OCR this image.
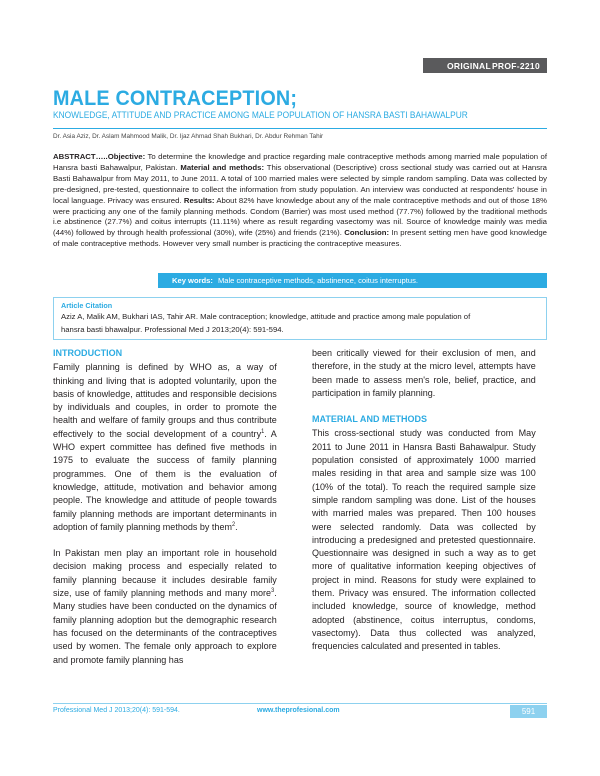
ORIGINAL PROF-2210
MALE CONTRACEPTION;
KNOWLEDGE, ATTITUDE AND PRACTICE AMONG MALE POPULATION OF HANSRA BASTI BAHAWALPUR
Dr. Asia Aziz, Dr. Aslam Mahmood Malik, Dr. Ijaz Ahmad Shah Bukhari, Dr. Abdur Rehman Tahir
ABSTRACT…..Objective: To determine the knowledge and practice regarding male contraceptive methods among married male population of Hansra basti Bahawalpur, Pakistan. Material and methods: This observational (Descriptive) cross sectional study was carried out at Hansra Basti Bahawalpur from May 2011, to June 2011. A total of 100 married males were selected by simple random sampling. Data was collected by pre-designed, pre-tested, questionnaire to collect the information from study population. An interview was conducted at respondents' house in local language. Privacy was ensured. Results: About 82% have knowledge about any of the male contraceptive methods and out of those 18% were practicing any one of the family planning methods. Condom (Barrier) was most used method (77.7%) followed by the traditional methods i.e abstinence (27.7%) and coitus interrupts (11.11%) where as result regarding vasectomy was nil. Source of knowledge mainly was media (44%) followed by through health professional (30%), wife (25%) and friends (21%). Conclusion: In present setting men have good knowledge of male contraceptive methods. However very small number is practicing the contraceptive measures.
Key words: Male contraceptive methods, abstinence, coitus interruptus.
Article Citation
Aziz A, Malik AM, Bukhari IAS, Tahir AR. Male contraception; knowledge, attitude and practice among male population of
hansra basti bhawalpur. Professional Med J 2013;20(4): 591-594.
INTRODUCTION
Family planning is defined by WHO as, a way of thinking and living that is adopted voluntarily, upon the basis of knowledge, attitudes and responsible decisions by individuals and couples, in order to promote the health and welfare of family groups and thus contribute effectively to the social development of a country$^1$. A WHO expert committee has defined five methods in 1975 to evaluate the success of family planning programmes. One of them is the evaluation of knowledge, attitude, motivation and behavior among people. The knowledge and attitude of people towards family planning methods are important determinants in adoption of family planning methods by them$^2$.
In Pakistan men play an important role in household decision making process and especially related to family planning because it includes desirable family size, use of family planning methods and many more$^3$. Many studies have been conducted on the dynamics of family planning adoption but the demographic research has focused on the determinants of the contraceptives used by women. The female only approach to explore and promote family planning has
been critically viewed for their exclusion of men, and therefore, in the study at the micro level, attempts have been made to assess men's role, belief, practice, and participation in family planning.
MATERIAL AND METHODS
This cross-sectional study was conducted from May 2011 to June 2011 in Hansra Basti Bahawalpur. Study population consisted of approximately 1000 married males residing in that area and sample size was 100 (10% of the total). To reach the required sample size simple random sampling was done. List of the houses with married males was prepared. Then 100 houses were selected randomly. Data was collected by introducing a predesigned and pretested questionnaire. Questionnaire was designed in such a way as to get more of qualitative information keeping objectives of project in mind. Reasons for study were explained to them. Privacy was ensured. The information collected included knowledge, source of knowledge, method adopted (abstinence, coitus interruptus, condoms, vasectomy). Data thus collected was analyzed, frequencies calculated and presented in tables.
Professional Med J 2013;20(4): 591-594.	www.theprofesional.com	591
